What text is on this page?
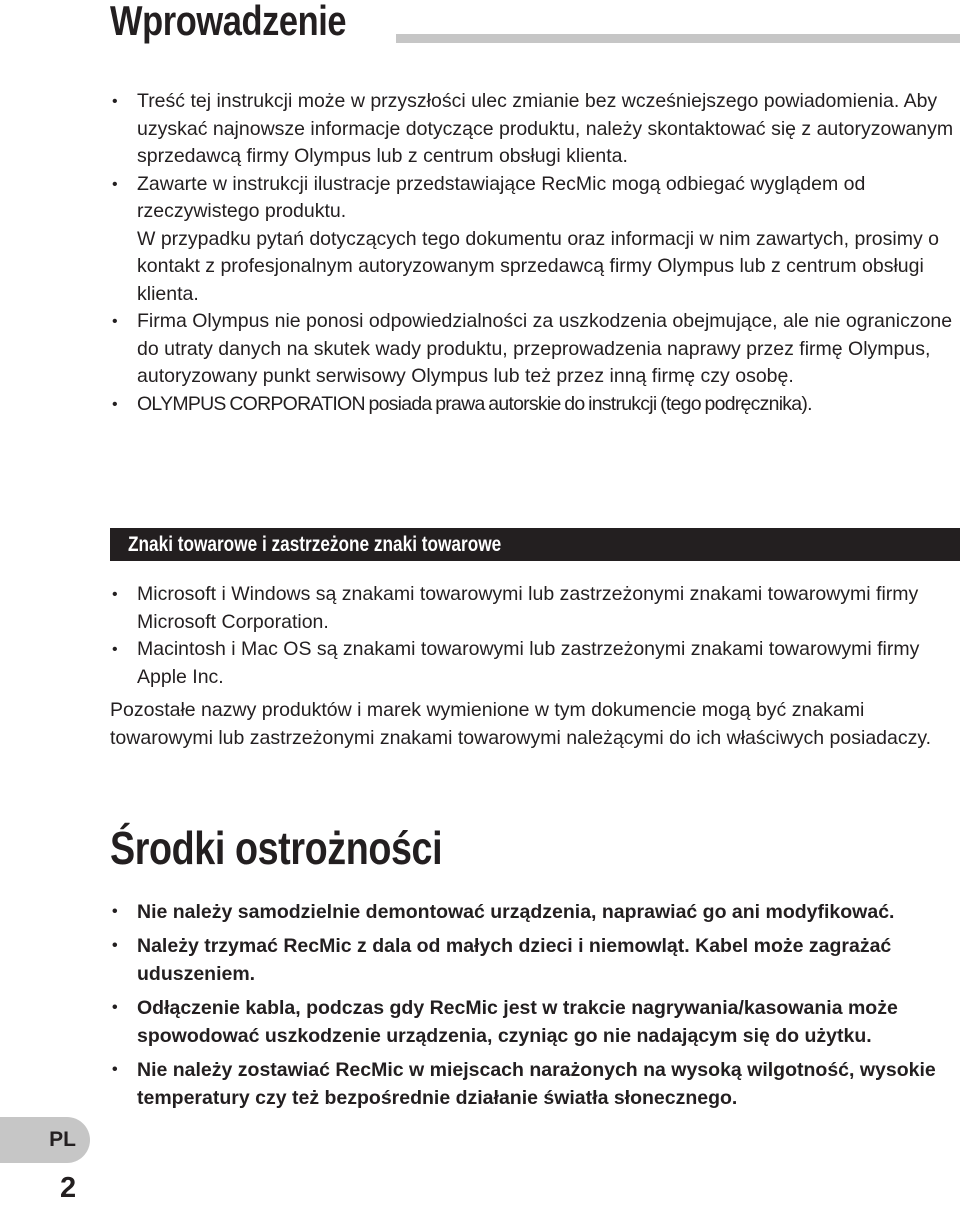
Wprowadzenie
• Treść tej instrukcji może w przyszłości ulec zmianie bez wcześniejszego powiadomienia. Aby uzyskać najnowsze informacje dotyczące produktu, należy skontaktować się z autoryzowanym sprzedawcą firmy Olympus lub z centrum obsługi klienta.

• Zawarte w instrukcji ilustracje przedstawiające RecMic mogą odbiegać wyglądem od rzeczywistego produktu.

W przypadku pytań dotyczących tego dokumentu oraz informacji w nim zawartych, prosimy o kontakt z profesjonalnym autoryzowanym sprzedawcą firmy Olympus lub z centrum obsługi klienta.

• Firma Olympus nie ponosi odpowiedzialności za uszkodzenia obejmujące, ale nie ograniczone do utraty danych na skutek wady produktu, przeprowadzenia naprawy przez firmę Olympus, autoryzowany punkt serwisowy Olympus lub też przez inną firmę czy osobę.

• OLYMPUS CORPORATION posiada prawa autorskie do instrukcji (tego podręcznika).

Znaki towarowe i zastrzeżone znaki towarowe
• Microsoft i Windows są znakami towarowymi lub zastrzeżonymi znakami towarowymi firmy Microsoft Corporation.

• Macintosh i Mac OS są znakami towarowymi lub zastrzeżonymi znakami towarowymi firmy Apple Inc.

Pozostałe nazwy produktów i marek wymienione w tym dokumencie mogą być znakami towarowymi lub zastrzeżonymi znakami towarowymi należącymi do ich właściwych posiadaczy.

Środki ostrożności
• Nie należy samodzielnie demontować urządzenia, naprawiać go ani modyfikować.

• Należy trzymać RecMic z dala od małych dzieci i niemowląt. Kabel może zagrażać uduszeniem.

• Odłączenie kabla, podczas gdy RecMic jest w trakcie nagrywania/kasowania może spowodować uszkodzenie urządzenia, czyniąc go nie nadającym się do użytku.

• Nie należy zostawiać RecMic w miejscach narażonych na wysoką wilgotność, wysokie temperatury czy też bezpośrednie działanie światła słonecznego.

PL
2
